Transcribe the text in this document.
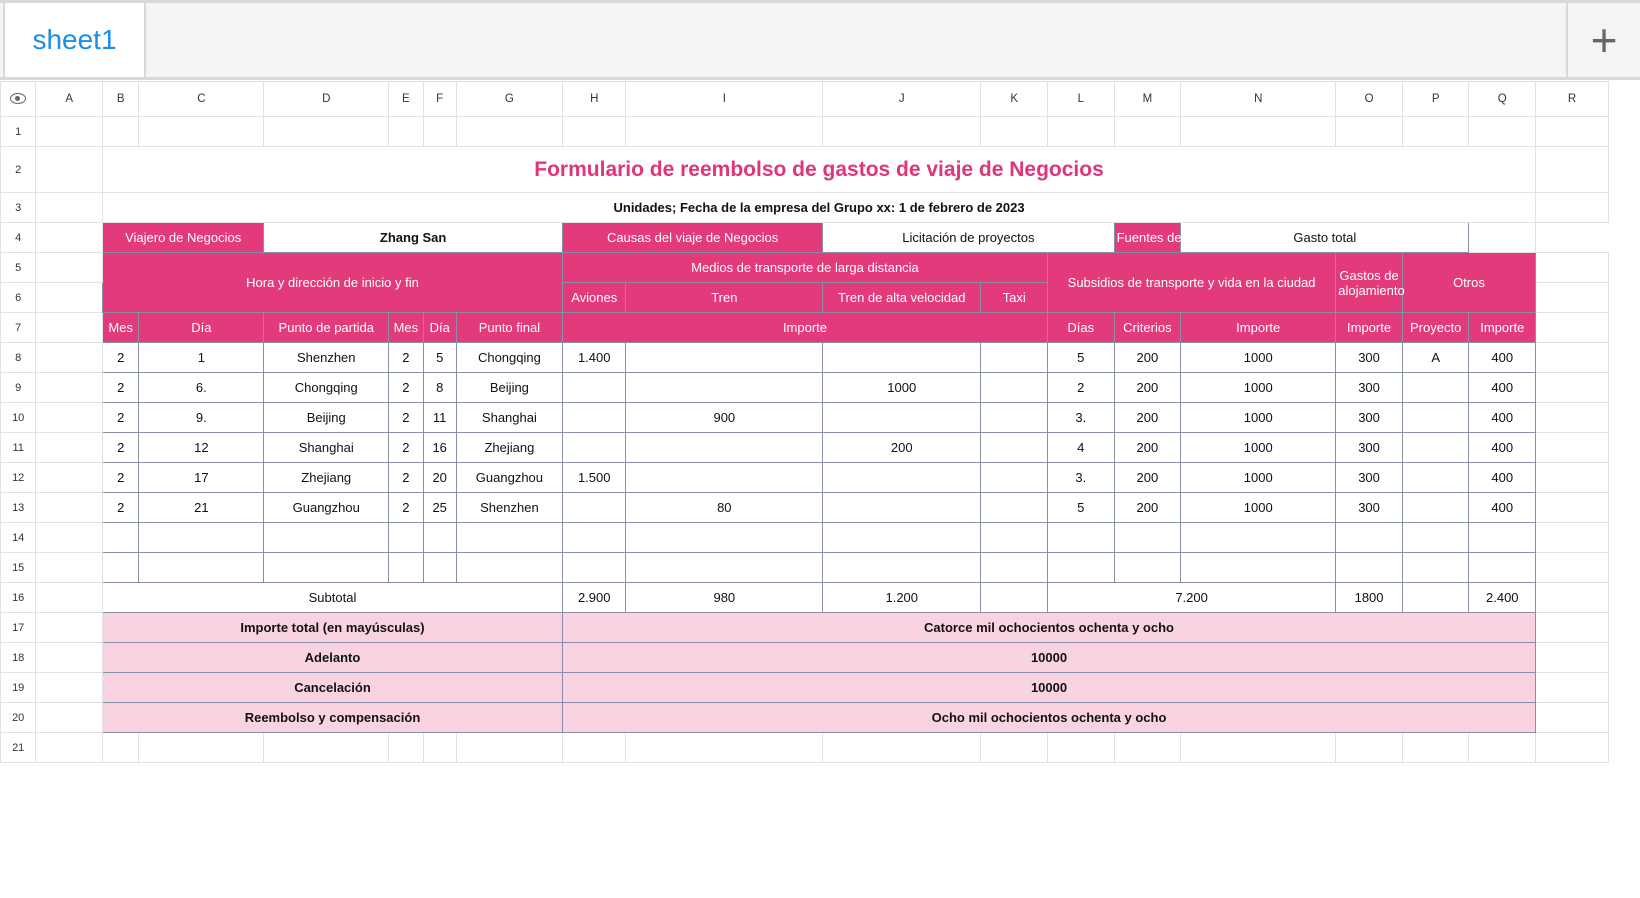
sheet1	+
	A	B	C	D	E	F	G	H	I	J	K	L	M	N	O	P	Q	R
1																		
2		Formulario de reembolso de gastos de viaje de Negocios																
3		Unidades; Fecha de la empresa del Grupo xx: 1 de febrero de 2023																
4		Viajero de Negocios		Zhang San				Causas del viaje de Negocios		Licitación de proyectos			Fuentes de financiación	Gasto total				
5		Hora y dirección de inicio y fin						Medios de transporte de larga distancia				Subsidios de transporte y vida en la ciudad			Gastos de alojamiento	Otros		
6								Aviones	Tren	Tren de alta velocidad	Taxi							
7		Mes	Día	Punto de partida	Mes	Día	Punto final	Importe				Días	Criterios	Importe	Importe	Proyecto	Importe	
8		2	1	Shenzhen	2	5	Chongqing	1.400				5	200	1000	300	A	400	
9		2	6.	Chongqing	2	8	Beijing			1000		2	200	1000	300		400	
10		2	9.	Beijing	2	11	Shanghai		900			3.	200	1000	300		400	
11		2	12	Shanghai	2	16	Zhejiang			200		4	200	1000	300		400	
12		2	17	Zhejiang	2	20	Guangzhou	1.500				3.	200	1000	300		400	
13		2	21	Guangzhou	2	25	Shenzhen		80			5	200	1000	300		400	
14																		
15																		
16		Subtotal						2.900	980	1.200		7.200			1800		2.400	
17		Importe total (en mayúsculas)						Catorce mil ochocientos ochenta y ocho										
18		Adelanto						10000										
19		Cancelación						10000										
20		Reembolso y compensación						Ocho mil ochocientos ochenta y ocho										
21																		
